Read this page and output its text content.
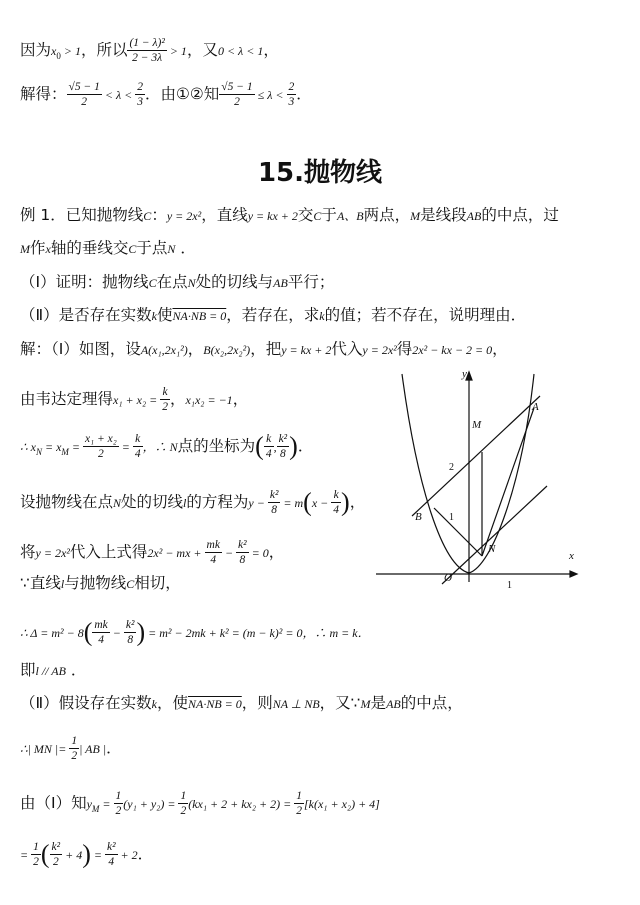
因为$x_0 > 1$，所以 $\frac{\text{(1 − λ)²}}{2 - 3\lambda} > 1$，又0 < λ < 1，
解得： $\frac{√5 - 1}{2} < \lambda < \frac{2}{3}$ ．由①②知 $\frac{√5 - 1}{2} \le \lambda < \frac{2}{3}$ ．
15.抛物线
例 1．已知抛物线C：y = 2x²，直线y = kx + 2交C于A、B两点，M是线段AB的中点，过
M作x轴的垂线交C于点N ．
（Ⅰ）证明：抛物线C在点N处的切线与AB平行；
（Ⅱ）是否存在实数k使NA·NB = 0，若存在，求k的值；若不存在，说明理由．
解：（Ⅰ）如图，设A(x₁,2x₁²)，B(x₂,2x₂²)，把y = kx + 2代入y = 2x²得2x² − kx − 2 = 0，
由韦达定理得$x_1 + x_2 = \frac{k}{2}$ ，x₁x₂ = −1，
∴ $x_N = x_M = \frac{\text{x₁ + x₂}}{2} = \frac{k}{4}$ ，∴ N点的坐标为( $\frac{k}{4}$ , $\frac{\text{k²}}{8}$ )．
设抛物线在点N处的切线l的方程为$y - \frac{\text{k²}}{8} = m(x - \frac{k}{4}$ )，
将y = 2x²代入上式得2x² − mx + $\frac{mk}{4} - \frac{\text{k²}}{8} = 0$，
∵直线l与抛物线C相切，
∴ $\Delta = m^2 - 8( \frac{mk}{4} - \frac{\text{k²}}{8}$ ) = m² − 2mk + k² = (m − k)² = 0，∴ m = k．
即l // AB ．
（Ⅱ）假设存在实数k，使NA·NB = 0，则NA ⊥ NB，又∵M是AB的中点，
∴| MN |= $\frac{1}{2}$ | AB |．
由（Ⅰ）知$y_M = \frac{1}{2} (y_1 + y_2) = \frac{1}{2} (kx_1 + 2 + kx_2 + 2) = \frac{1}{2} [k(x_1 + x_2) + 4]$
= $\frac{1}{2}$ ( $\frac{\text{k²}}{2} + 4) = \frac{\text{k²}}{4} + 2$．
y
x
O
A
B
M
N
1
1
2
